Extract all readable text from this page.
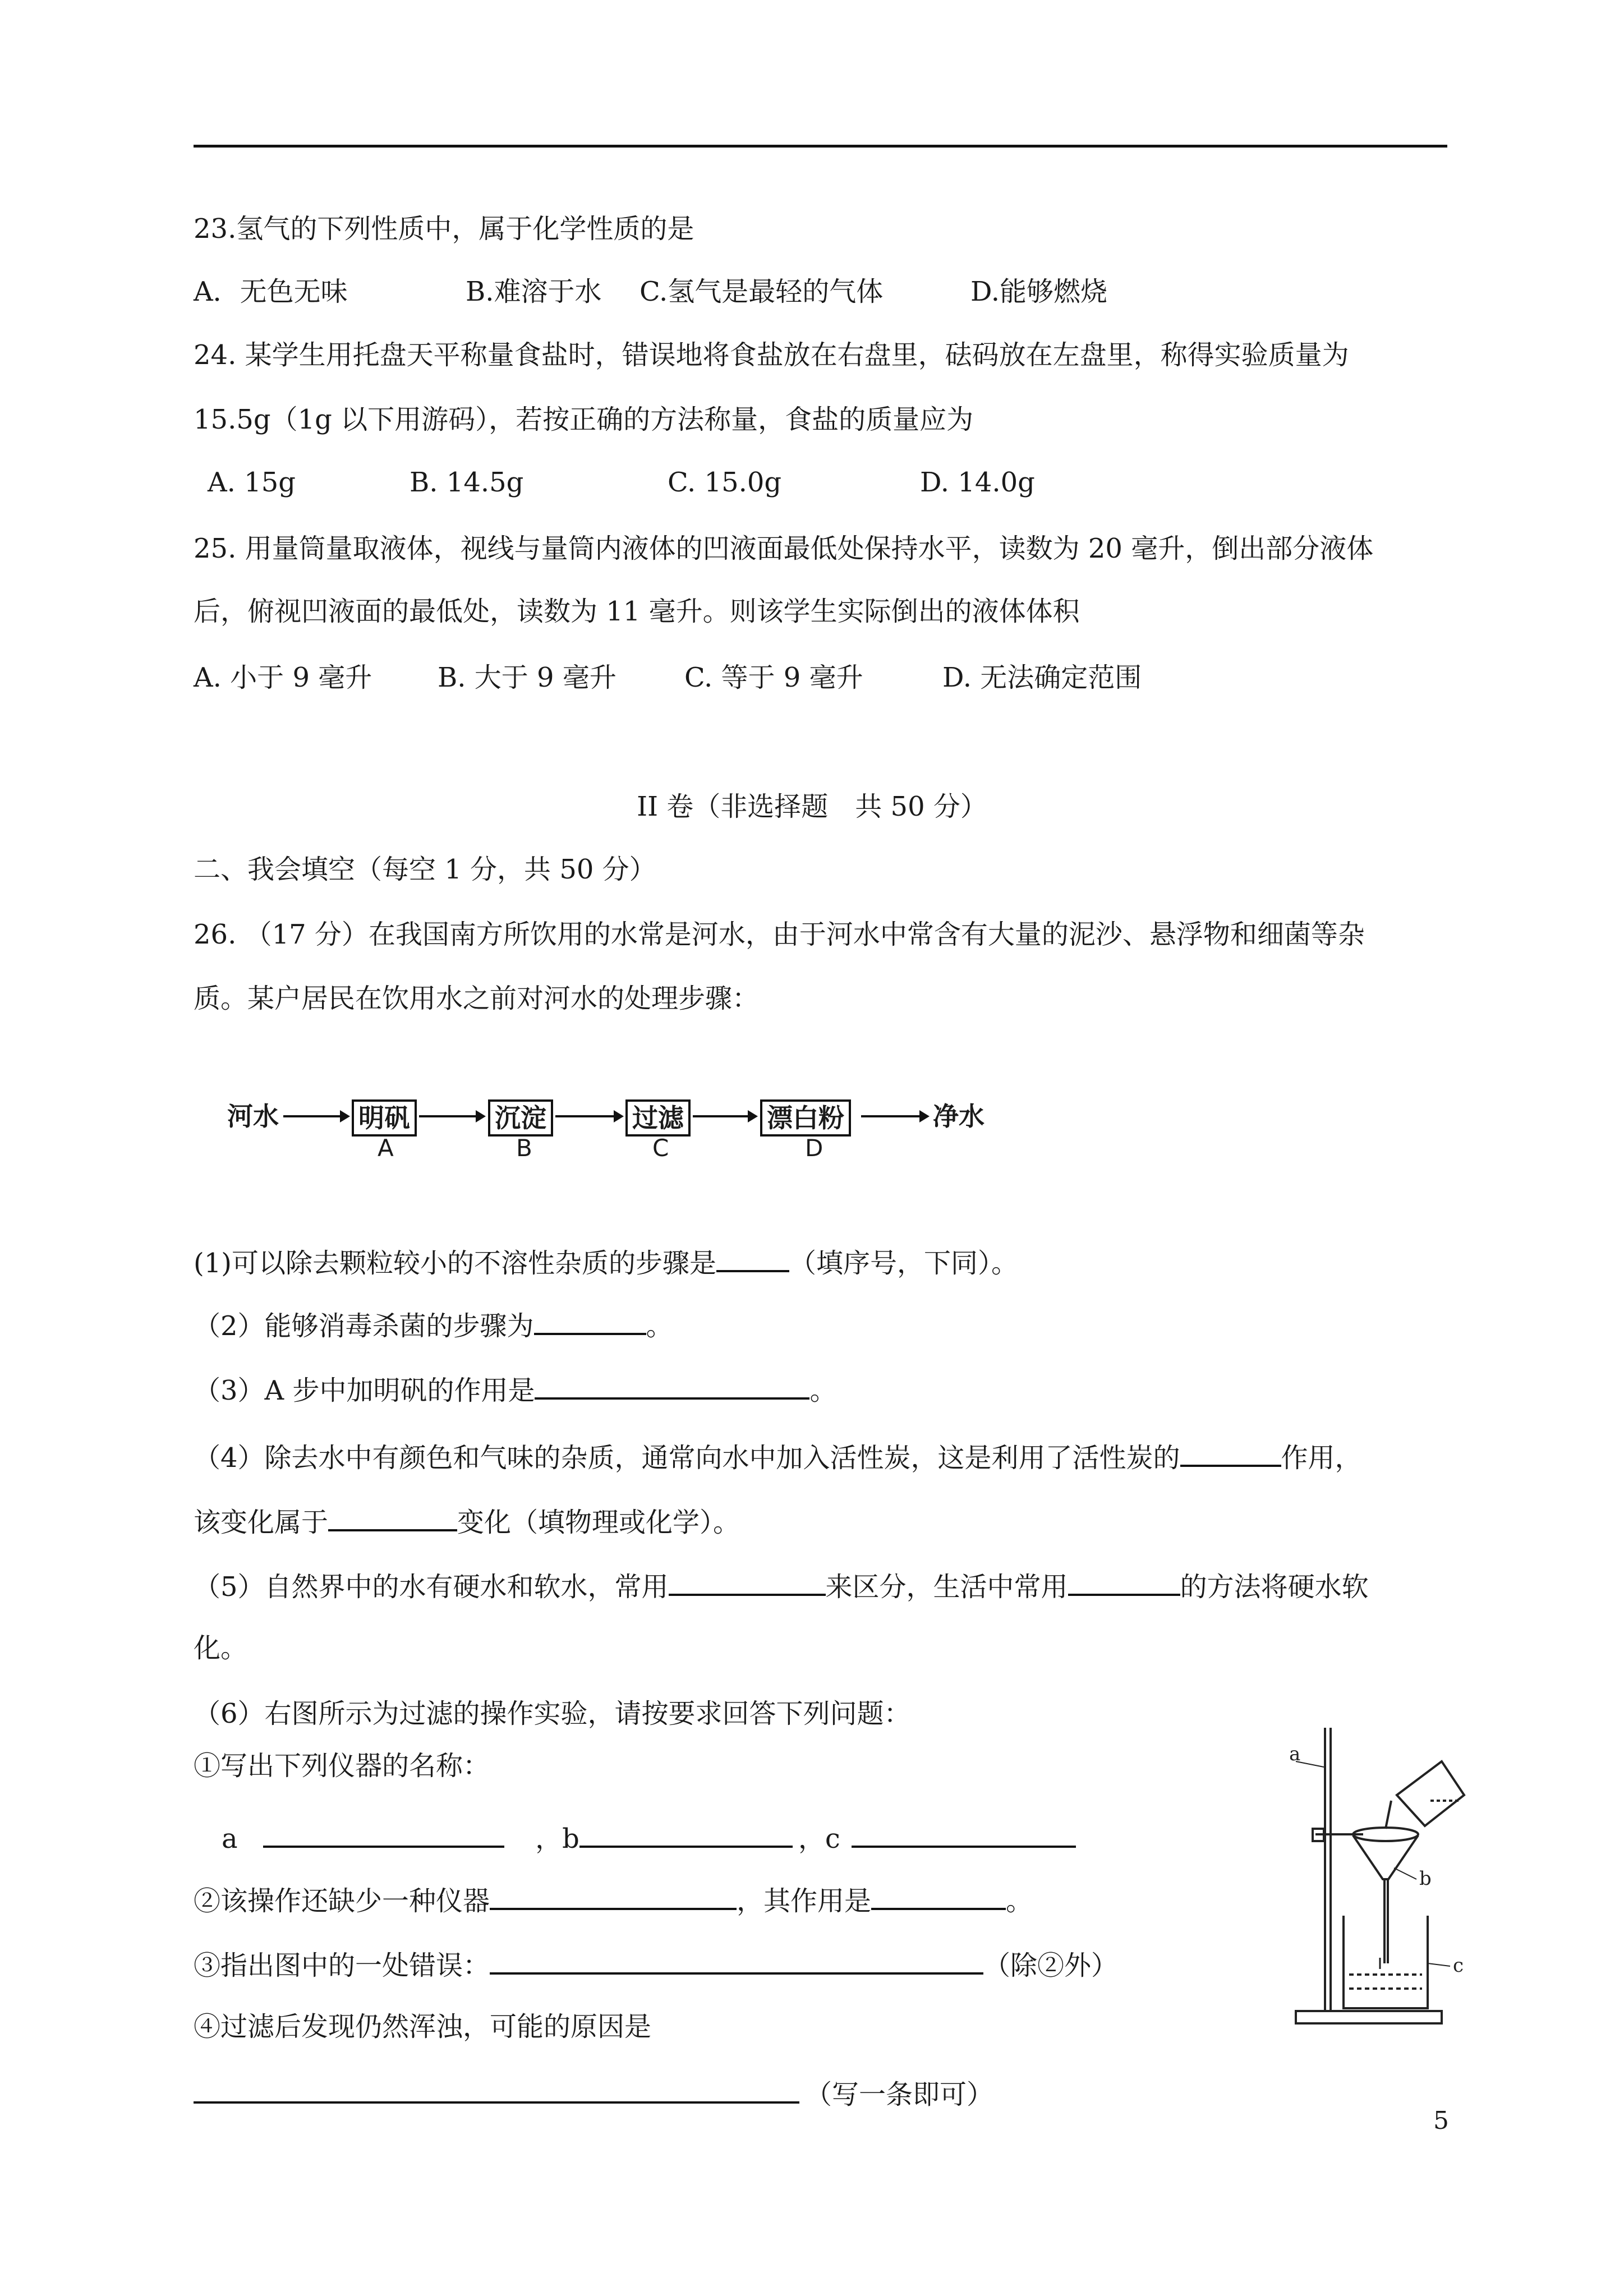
23.氢气的下列性质中，属于化学性质的是
A．无色无味	B.难溶于水 C.氢气是最轻的气体	D.能够燃烧
24. 某学生用托盘天平称量食盐时，错误地将食盐放在右盘里，砝码放在左盘里，称得实验质量为
15.5g（1g 以下用游码），若按正确的方法称量，食盐的质量应为
A. 15g	B. 14.5g	C. 15.0g	D. 14.0g
25. 用量筒量取液体，视线与量筒内液体的凹液面最低处保持水平，读数为 20 毫升，倒出部分液体
后，俯视凹液面的最低处，读数为 11 毫升。则该学生实际倒出的液体体积
A. 小于 9 毫升 B. 大于 9 毫升	C. 等于 9 毫升	D. 无法确定范围
II 卷（非选择题　共 50 分）
二、我会填空（每空 1 分，共 50 分）
26. （17 分）在我国南方所饮用的水常是河水，由于河水中常含有大量的泥沙、悬浮物和细菌等杂
质。某户居民在饮用水之前对河水的处理步骤：
河水	明矾
A
沉淀
B
过滤
C
漂白粉
D
净水
(1)可以除去颗粒较小的不溶性杂质的步骤是	（填序号，下同）。
（2）能够消毒杀菌的步骤为	。
（3）A 步中加明矾的作用是	。
（4）除去水中有颜色和气味的杂质，通常向水中加入活性炭，这是利用了活性炭的	作用，
该变化属于	变化（填物理或化学）。
（5）自然界中的水有硬水和软水，常用	来区分，生活中常用	的方法将硬水软
化。
（6）右图所示为过滤的操作实验，请按要求回答下列问题：
①写出下列仪器的名称：
a	，b	，c
②该操作还缺少一种仪器	，其作用是	。
③指出图中的一处错误：	（除②外）
④过滤后发现仍然浑浊，可能的原因是
（写一条即可）
a
b
c
5
